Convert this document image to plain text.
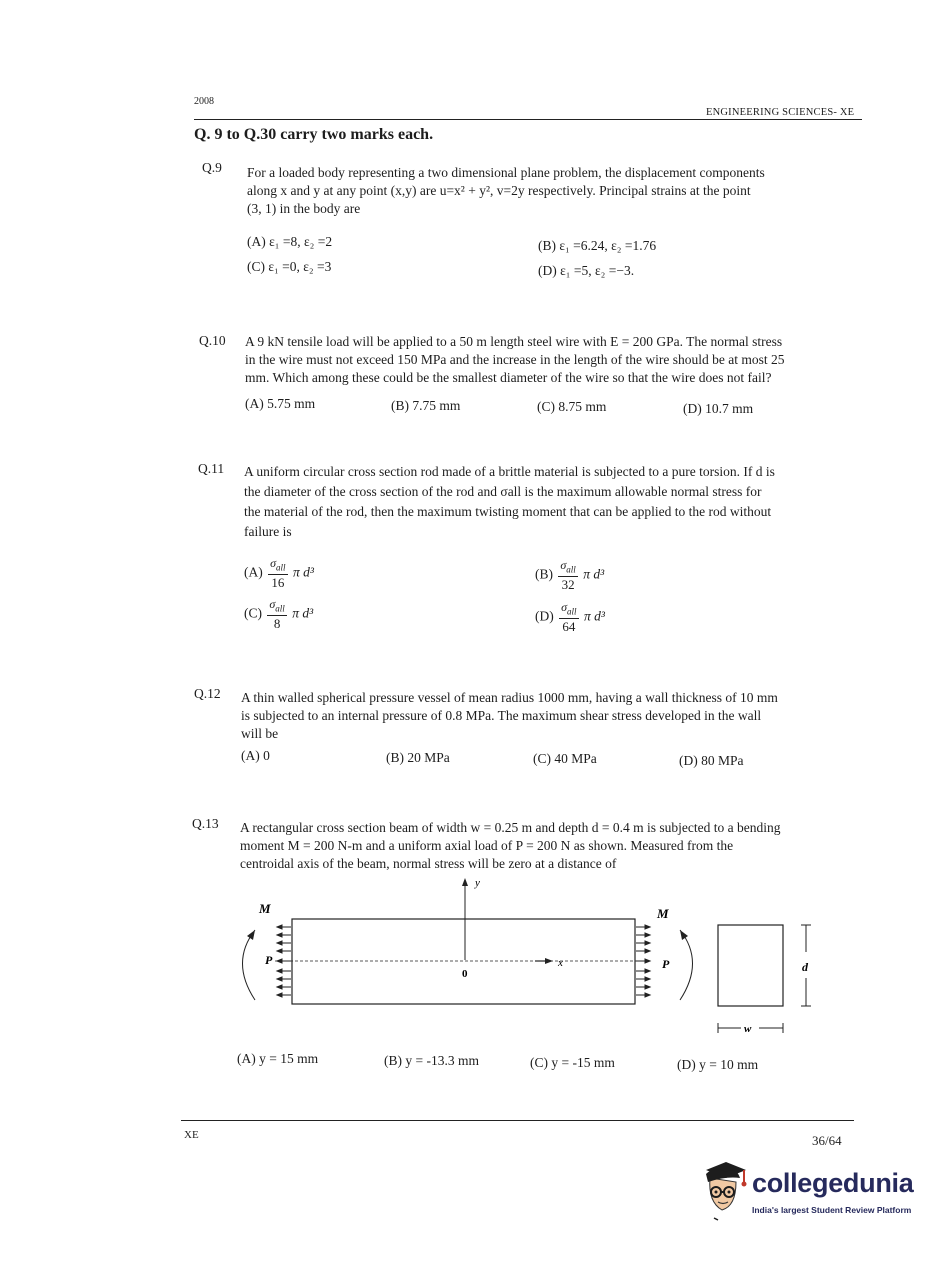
2008
ENGINEERING SCIENCES- XE
Q. 9 to Q.30 carry two marks each.
Q.9 For a loaded body representing a two dimensional plane problem, the displacement components
along x and y at any point (x,y) are u=x² + y², v=2y respectively. Principal strains at the point
(3, 1) in the body are
(A) ε₁ =8, ε₂ =2	(B) ε₁ =6.24, ε₂ =1.76
(C) ε₁ =0, ε₂ =3	(D) ε₁ =5, ε₂ =−3.
Q.10 A 9 kN tensile load will be applied to a 50 m length steel wire with E = 200 GPa. The normal stress
in the wire must not exceed 150 MPa and the increase in the length of the wire should be at most 25
mm. Which among these could be the smallest diameter of the wire so that the wire does not fail?
(A) 5.75 mm	(B) 7.75 mm	(C) 8.75 mm	(D) 10.7 mm
Q.11 A uniform circular cross section rod made of a brittle material is subjected to a pure torsion. If d is
the diameter of the cross section of the rod and σall is the maximum allowable normal stress for
the material of the rod, then the maximum twisting moment that can be applied to the rod without
failure is
$(A) \frac{\sigma_{all}}{16}$ π d³	$(B) \frac{\sigma_{all}}{32}$ π d³
$(C) \frac{\sigma_{all}}{8}$ π d³	$(D) \frac{\sigma_{all}}{64}$ π d³
Q.12 A thin walled spherical pressure vessel of mean radius 1000 mm, having a wall thickness of 10 mm
is subjected to an internal pressure of 0.8 MPa. The maximum shear stress developed in the wall
will be
(A) 0	(B) 20 MPa	(C) 40 MPa	(D) 80 MPa
Q.13 A rectangular cross section beam of width w = 0.25 m and depth d = 0.4 m is subjected to a bending
moment M = 200 N-m and a uniform axial load of P = 200 N as shown. Measured from the
centroidal axis of the beam, normal stress will be zero at a distance of
y
x
0
M	M
P	P	d
w
(A) y = 15 mm	(B) y = -13.3 mm	(C) y = -15 mm	(D) y = 10 mm
XE	36/64
collegedunia
India's largest Student Review Platform
